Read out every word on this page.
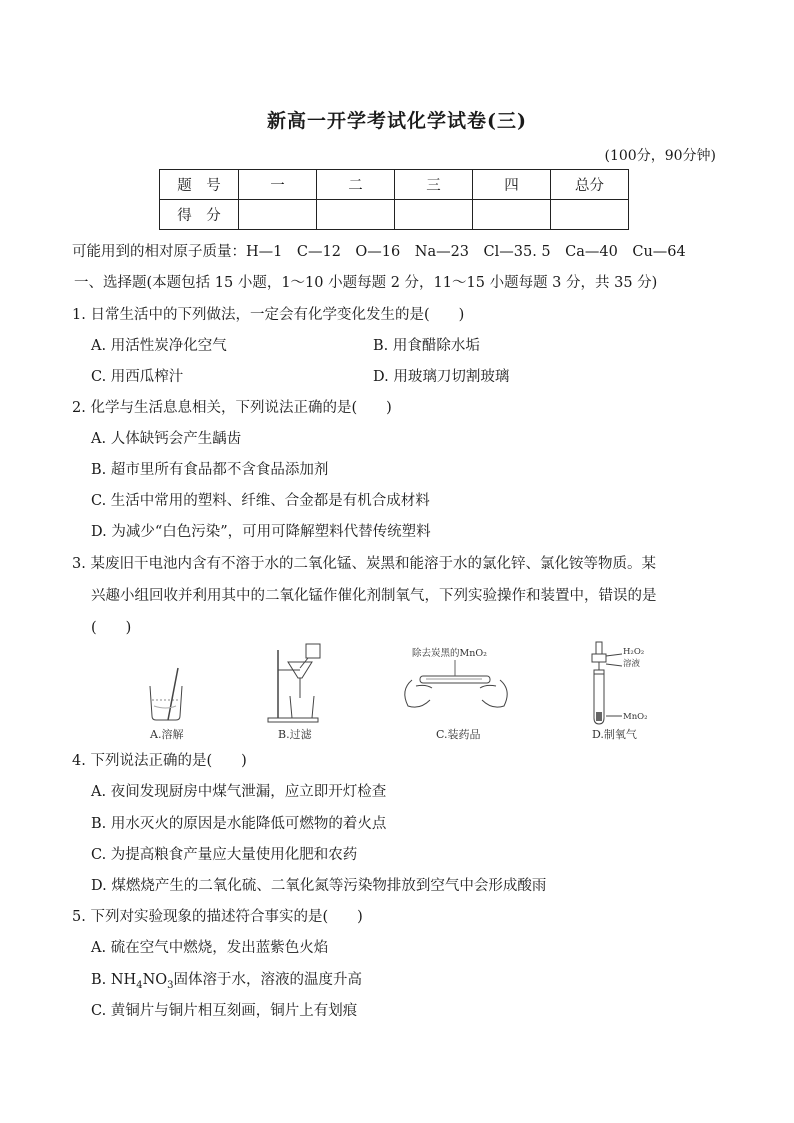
新高一开学考试化学试卷(三)
(100分，90分钟)
题　号	一	二	三	四	总分
得　分					
可能用到的相对原子质量：H—1　C—12　O—16　Na—23　Cl—35. 5　Ca—40　Cu—64
一、选择题(本题包括 15 小题，1～10 小题每题 2 分，11～15 小题每题 3 分，共 35 分)
1. 日常生活中的下列做法，一定会有化学变化发生的是(　　)
A. 用活性炭净化空气	B. 用食醋除水垢
C. 用西瓜榨汁	D. 用玻璃刀切割玻璃
2. 化学与生活息息相关，下列说法正确的是(　　)
A. 人体缺钙会产生龋齿
B. 超市里所有食品都不含食品添加剂
C. 生活中常用的塑料、纤维、合金都是有机合成材料
D. 为减少“白色污染”，可用可降解塑料代替传统塑料
3. 某废旧干电池内含有不溶于水的二氧化锰、炭黑和能溶于水的氯化锌、氯化铵等物质。某
兴趣小组回收并利用其中的二氧化锰作催化剂制氧气，下列实验操作和装置中，错误的是
(　　)
除去炭黑的MnO₂	H₂O₂
溶液
MnO₂
A.溶解	B.过滤	C.装药品	D.制氧气
4. 下列说法正确的是(　　)
A. 夜间发现厨房中煤气泄漏，应立即开灯检查
B. 用水灭火的原因是水能降低可燃物的着火点
C. 为提高粮食产量应大量使用化肥和农药
D. 煤燃烧产生的二氧化硫、二氧化氮等污染物排放到空气中会形成酸雨
5. 下列对实验现象的描述符合事实的是(　　)
A. 硫在空气中燃烧，发出蓝紫色火焰
B. $NH_4NO_3$固体溶于水，溶液的温度升高
C. 黄铜片与铜片相互刻画，铜片上有划痕
